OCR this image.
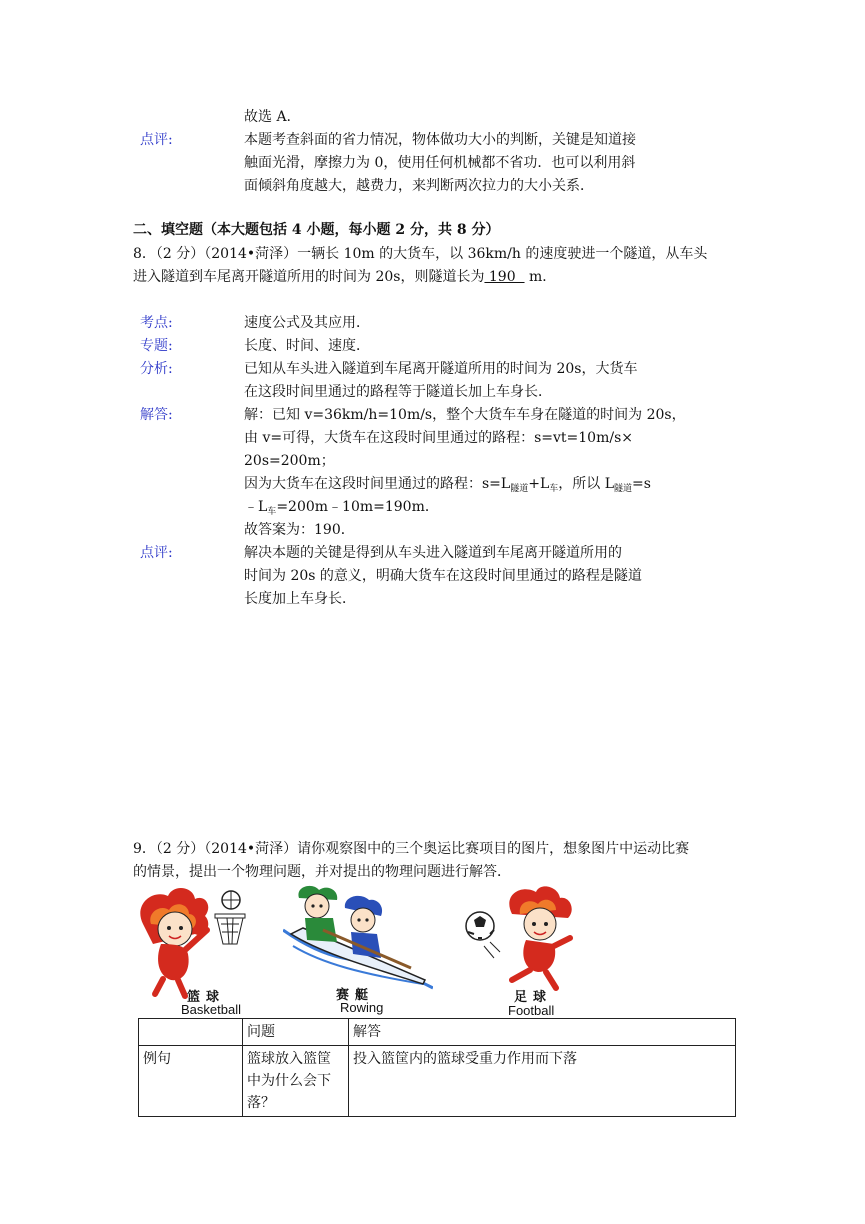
故选 A.
点评:	本题考查斜面的省力情况，物体做功大小的判断，关键是知道接
触面光滑，摩擦力为 0，使用任何机械都不省功．也可以利用斜
面倾斜角度越大，越费力，来判断两次拉力的大小关系．
二、填空题（本大题包括 4 小题，每小题 2 分，共 8 分）
8．（2 分）（2014•菏泽）一辆长 10m 的大货车，以 36km/h 的速度驶进一个隧道，从车头
进入隧道到车尾离开隧道所用的时间为 20s，则隧道长为 190   m．
考点:	速度公式及其应用．
专题:	长度、时间、速度．
分析:	已知从车头进入隧道到车尾离开隧道所用的时间为 20s，大货车
在这段时间里通过的路程等于隧道长加上车身长．
解答:	解：已知 v=36km/h=10m/s，整个大货车车身在隧道的时间为 20s，
由 v=可得，大货车在这段时间里通过的路程：s=vt=10m/s×
20s=200m；
因为大货车在这段时间里通过的路程：$s=L_{隧道}+L_车$，所以 $L_{隧道}=s$
$﹣L_车=200m﹣10m=190m$．
故答案为：190．
点评:	解决本题的关键是得到从车头进入隧道到车尾离开隧道所用的
时间为 20s 的意义，明确大货车在这段时间里通过的路程是隧道
长度加上车身长．
9．（2 分）（2014•菏泽）请你观察图中的三个奥运比赛项目的图片，想象图片中运动比赛
的情景，提出一个物理问题，并对提出的物理问题进行解答．
篮球
Basketball
赛艇
Rowing
足球
Football
	问题	解答
例句	篮球放入篮筐中为什么会下落？	投入篮筐内的篮球受重力作用而下落
